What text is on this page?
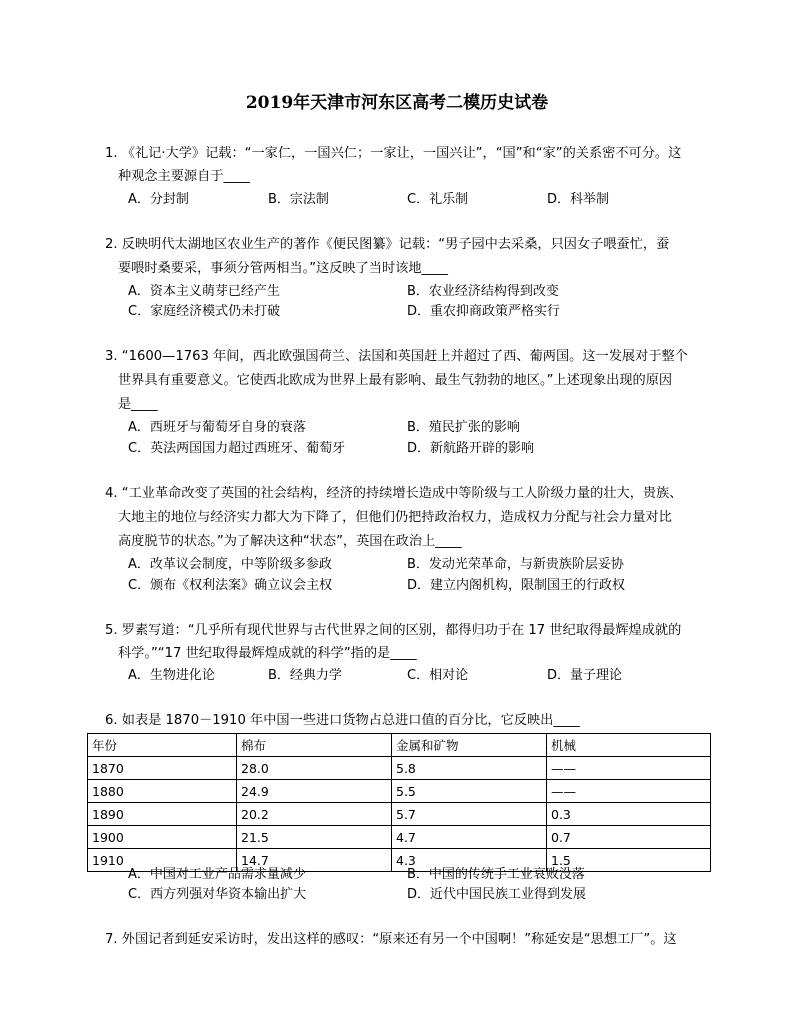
2019年天津市河东区高考二模历史试卷
1. 《礼记·大学》记载：“一家仁，一国兴仁；一家让，一国兴让”，“国”和“家”的关系密不可分。这
种观念主要源自于____
A．分封制	B．宗法制	C．礼乐制	D．科举制
2. 反映明代太湖地区农业生产的著作《便民图纂》记载：“男子园中去采桑，只因女子喂蚕忙，蚕
要喂时桑要采，事须分管两相当。”这反映了当时该地____
A．资本主义萌芽已经产生	B．农业经济结构得到改变
C．家庭经济模式仍未打破	D．重农抑商政策严格实行
3. “1600—1763 年间，西北欧强国荷兰、法国和英国赶上并超过了西、葡两国。这一发展对于整个
世界具有重要意义。它使西北欧成为世界上最有影响、最生气勃勃的地区。”上述现象出现的原因
是____
A．西班牙与葡萄牙自身的衰落	B．殖民扩张的影响
C．英法两国国力超过西班牙、葡萄牙	D．新航路开辟的影响
4. “工业革命改变了英国的社会结构，经济的持续增长造成中等阶级与工人阶级力量的壮大，贵族、
大地主的地位与经济实力都大为下降了，但他们仍把持政治权力，造成权力分配与社会力量对比
高度脱节的状态。”为了解决这种“状态”，英国在政治上____
A．改革议会制度，中等阶级多参政	B．发动光荣革命，与新贵族阶层妥协
C．颁布《权利法案》确立议会主权	D．建立内阁机构，限制国王的行政权
5. 罗素写道：“几乎所有现代世界与古代世界之间的区别，都得归功于在 17 世纪取得最辉煌成就的
科学。”“17 世纪取得最辉煌成就的科学”指的是____
A．生物进化论	B．经典力学	C．相对论	D．量子理论
6. 如表是 1870－1910 年中国一些进口货物占总进口值的百分比，它反映出____
年份	棉布	金属和矿物	机械
1870	28.0	5.8	——
1880	24.9	5.5	——
1890	20.2	5.7	0.3
1900	21.5	4.7	0.7
1910	14.7	4.3	1.5
A．中国对工业产品需求量减少	B．中国的传统手工业衰败没落
C．西方列强对华资本输出扩大	D．近代中国民族工业得到发展
7. 外国记者到延安采访时，发出这样的感叹：“原来还有另一个中国啊！”称延安是“思想工厂”。这
